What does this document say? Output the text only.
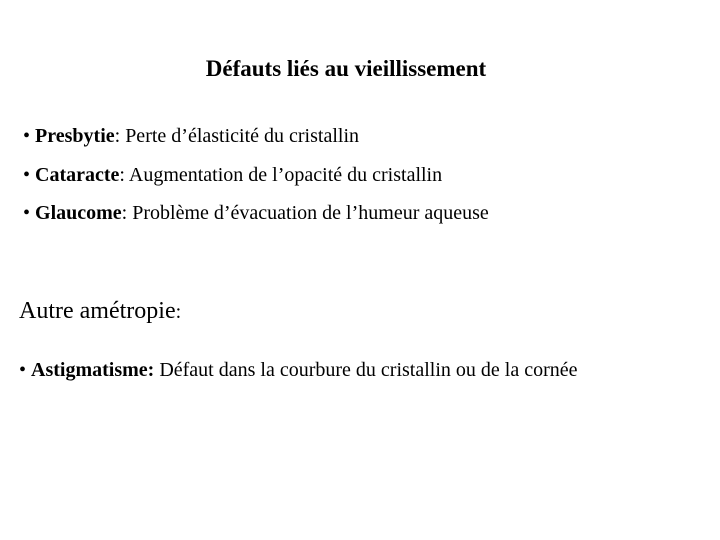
Défauts liés au vieillissement
• Presbytie: Perte d’élasticité du cristallin
• Cataracte: Augmentation de l’opacité du cristallin
• Glaucome: Problème d’évacuation de l’humeur aqueuse
Autre amétropie:
• Astigmatisme: Défaut dans la courbure du cristallin ou de la cornée
